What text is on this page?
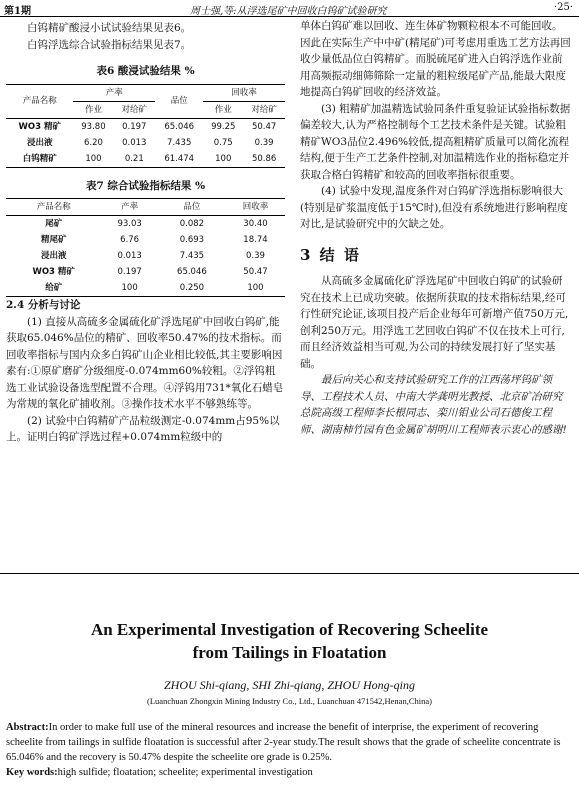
第1期	周士强,等:从浮选尾矿中回收白钨矿试验研究	·25·

白钨精矿酸浸小试试验结果见表6。

白钨浮选综合试验指标结果见表7。

表6 酸浸试验结果 %
产品名称	产率		品位	回收率	
	作业	对给矿		作业	对给矿
WO3 精矿	93.80	0.197	65.046	99.25	50.47
浸出液	6.20	0.013	7.435	0.75	0.39
白钨精矿	100	0.21	61.474	100	50.86
表7 综合试验指标结果 %
产品名称	产率	品位	回收率
尾矿	93.03	0.082	30.40
精尾矿	6.76	0.693	18.74
浸出液	0.013	7.435	0.39
WO3 精矿	0.197	65.046	50.47
给矿	100	0.250	100

2.4 分析与讨论

(1) 直接从高硫多金属硫化矿浮选尾矿中回收白钨矿,能获取65.046%品位的精矿、回收率50.47%的技术指标。而回收率指标与国内众多白钨矿山企业相比较低,其主要影响因素有:①原矿磨矿分级细度-0.074mm60%较粗。②浮钨粗选工业试验设备选型配置不合理。④浮钨用731*氧化石蜡皂为常规的氧化矿捕收剂。③操作技术水平不够熟练等。

(2) 试验中白钨精矿产品粒级测定-0.074mm占95%以上。证明白钨矿浮选过程+0.074mm粒级中的

单体白钨矿难以回收、连生体矿物颗粒根本不可能回收。因此在实际生产中中矿(精尾矿)可考虑用重选工艺方法再回收少量低品位白钨精矿。而脱硫尾矿进入白钨浮选作业前用高频振动细筛筛除一定量的粗粒级尾矿产品,能最大限度地提高白钨矿回收的经济效益。

(3) 粗精矿加温精选试验同条件重复验证试验指标数据偏差较大,认为严格控制每个工艺技术条件是关键。试验粗精矿WO3品位2.496%较低,提高粗精矿质量可以简化流程结构,便于生产工艺条件控制,对加温精选作业的指标稳定并获取合格白钨精矿和较高的回收率指标很重要。

(4) 试验中发现,温度条件对白钨矿浮选指标影响很大(特别是矿浆温度低于15℃时),但没有系统地进行影响程度对比,是试验研究中的欠缺之处。

3 结 语

从高硫多金属硫化矿浮选尾矿中回收白钨矿的试验研究在技术上已成功突破。依据所获取的技术指标结果,经可行性研究论证,该项目投产后企业每年可新增产值750万元,创利250万元。用浮选工艺回收白钨矿不仅在技术上可行,而且经济效益相当可观,为公司的持续发展打好了坚实基础。

最后向关心和支持试验研究工作的江西荡坪钨矿领导、工程技术人员、中南大学龚明光教授、北京矿冶研究总院高级工程师李长根同志、栾川钼业公司石德俊工程师、湖南柿竹园有色金属矿胡明川工程师表示衷心的感谢!

An Experimental Investigation of Recovering Scheelite
from Tailings in Floatation
ZHOU Shi-qiang, SHI Zhi-qiang, ZHOU Hong-qing
(Luanchuan Zhongxin Mining Industry Co., Ltd., Luanchuan 471542,Henan,China)

Abstract:In order to make full use of the mineral resources and increase the benefit of interprise, the experiment of recovering scheelite from tailings in sulfide floatation is successful after 2-year study.The result shows that the grade of scheelite concentrate is 65.046% and the recovery is 50.47% despite the scheelite ore grade is 0.25%.

Key words:high sulfide; floatation; scheelite; experimental investigation
